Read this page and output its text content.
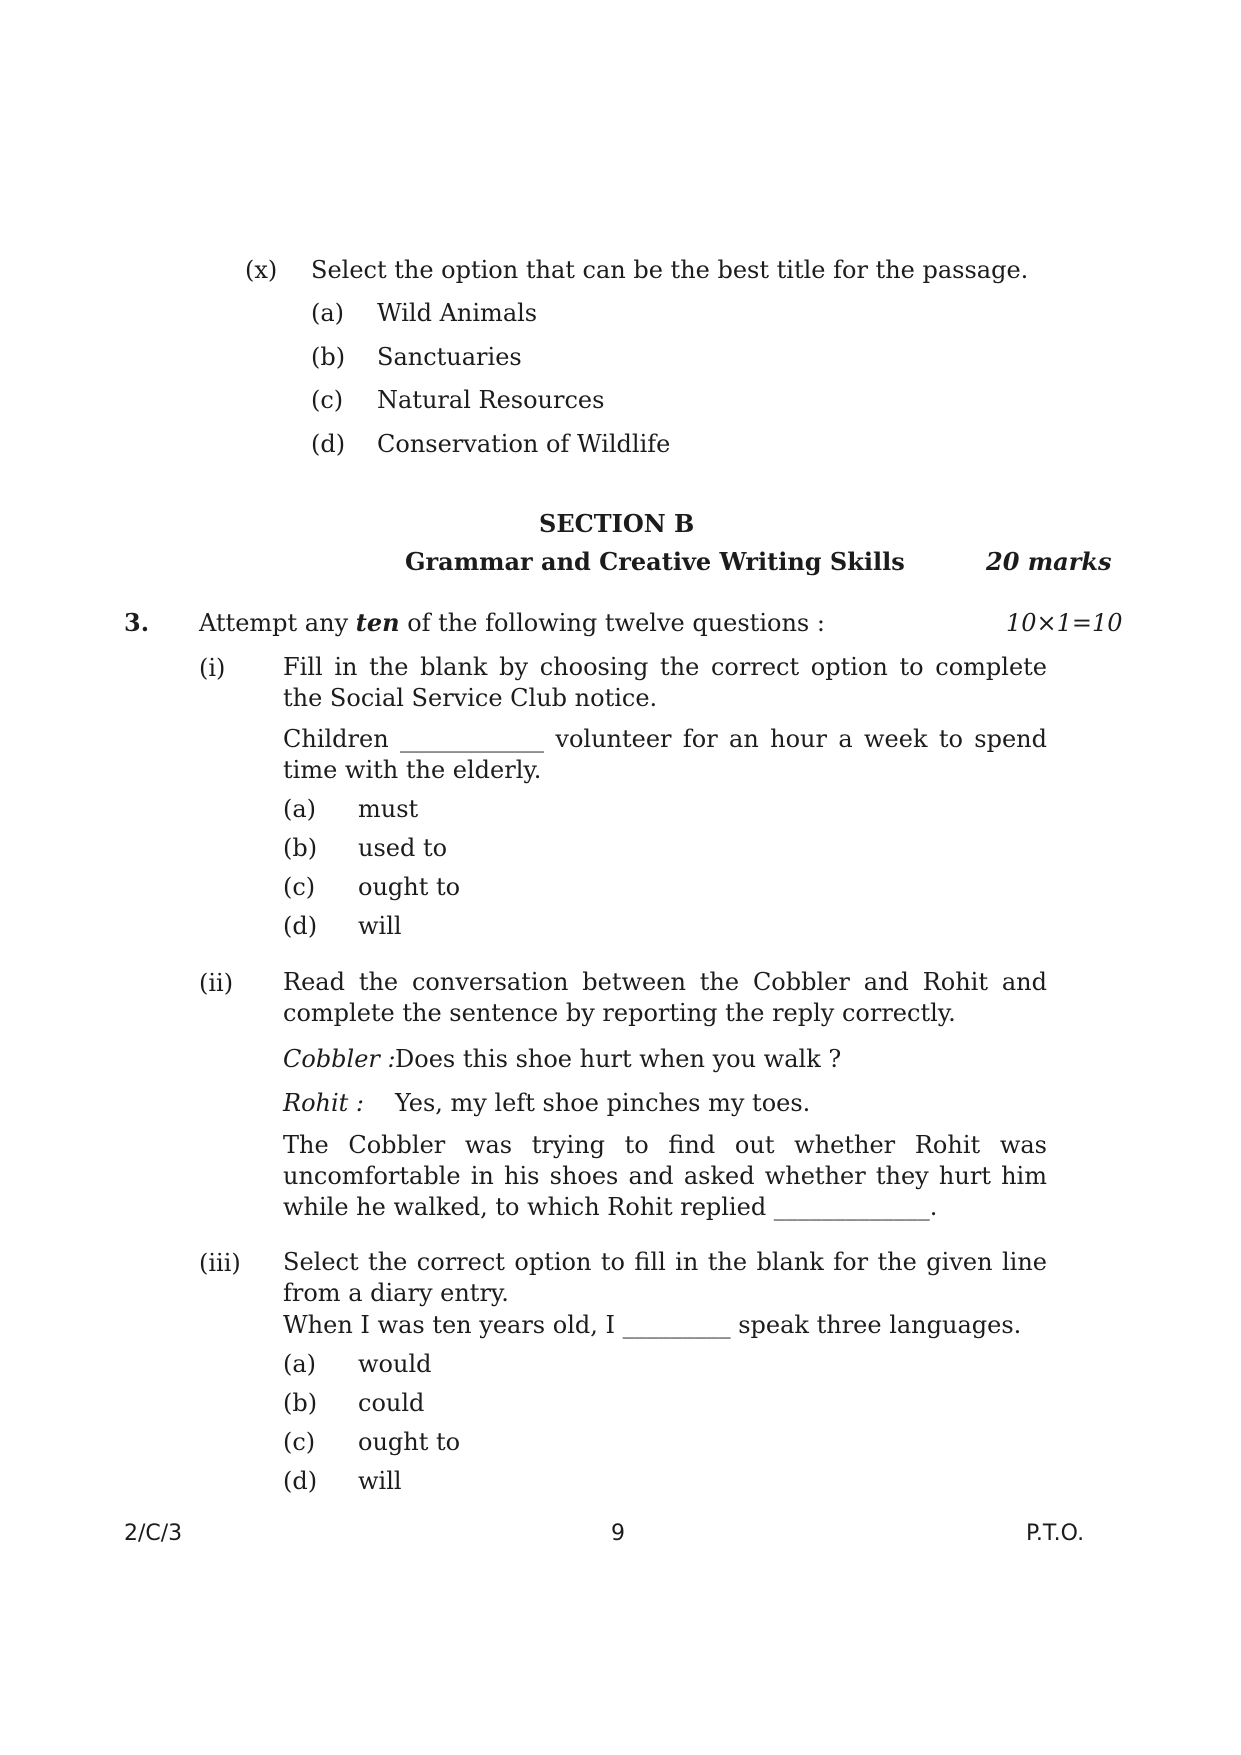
(x) Select the option that can be the best title for the passage.
(a) Wild Animals
(b) Sanctuaries
(c) Natural Resources
(d) Conservation of Wildlife
SECTION B
Grammar and Creative Writing Skills	20 marks
3. Attempt any ten of the following twelve questions :	10×1=10
(i) Fill in the blank by choosing the correct option to complete the Social Service Club notice.
Children ____________ volunteer for an hour a week to spend time with the elderly.
(a) must
(b) used to
(c) ought to
(d) will
(ii) Read the conversation between the Cobbler and Rohit and complete the sentence by reporting the reply correctly.
Cobbler : Does this shoe hurt when you walk ?
Rohit : Yes, my left shoe pinches my toes.
The Cobbler was trying to find out whether Rohit was uncomfortable in his shoes and asked whether they hurt him while he walked, to which Rohit replied _____________.
(iii) Select the correct option to fill in the blank for the given line from a diary entry.
When I was ten years old, I _________ speak three languages.
(a) would
(b) could
(c) ought to
(d) will
2/C/3	9	P.T.O.
